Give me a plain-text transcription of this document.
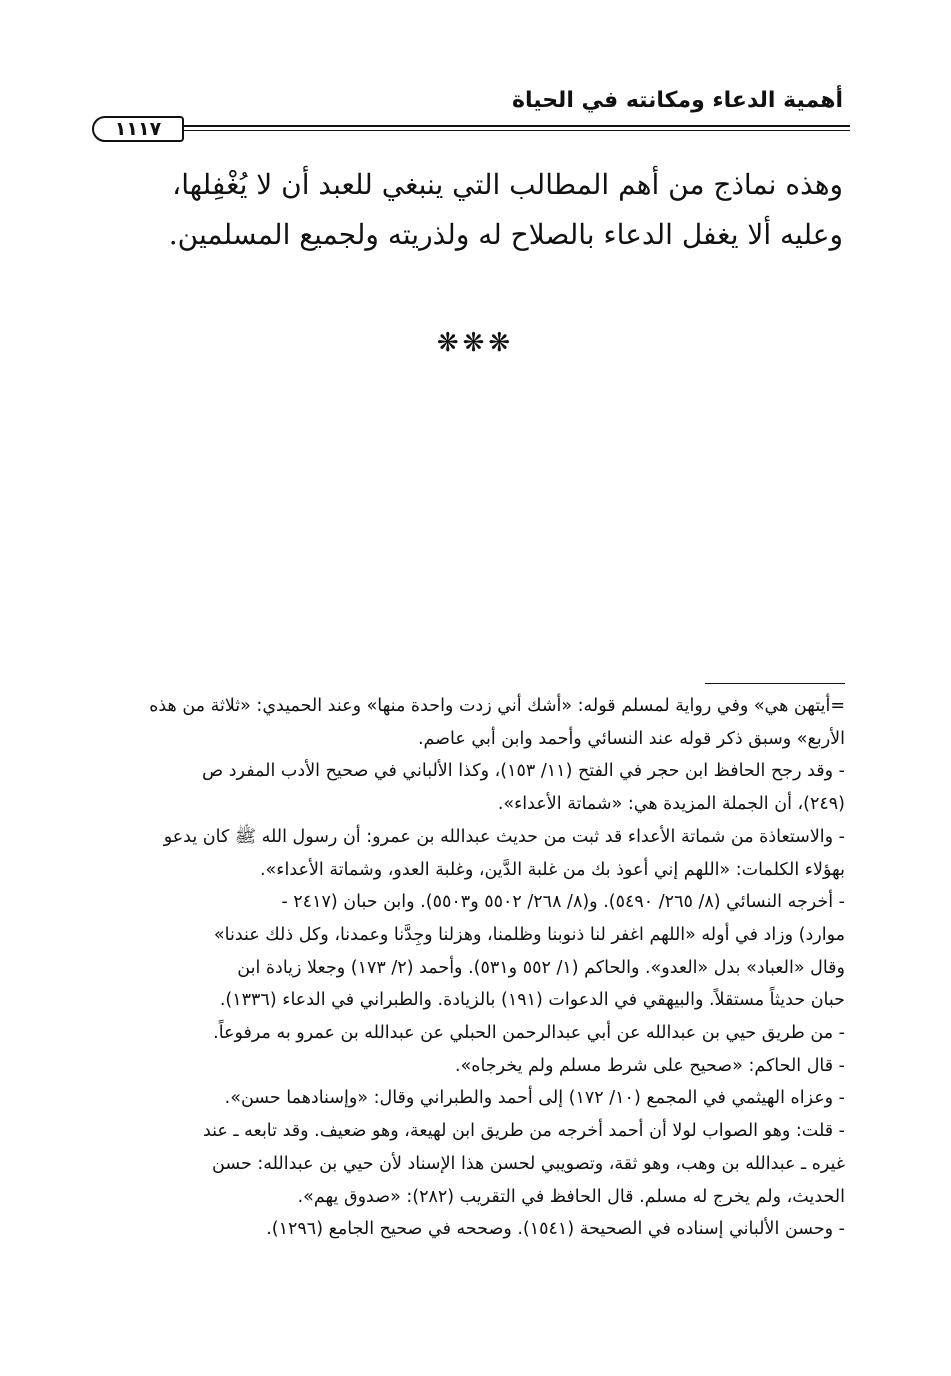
أهمية الدعاء ومكانته في الحياة
١١١٧
وهذه نماذج من أهم المطالب التي ينبغي للعبد أن لا يُغْفِلها،
وعليه ألا يغفل الدعاء بالصلاح له ولذريته ولجميع المسلمين.
❋❋❋
=أيتهن هي» وفي رواية لمسلم قوله: «أشك أني زدت واحدة منها» وعند الحميدي: «ثلاثة من هذه
الأربع» وسبق ذكر قوله عند النسائي وأحمد وابن أبي عاصم.
- وقد رجح الحافظ ابن حجر في الفتح (١١/ ١٥٣)، وكذا الألباني في صحيح الأدب المفرد ص
(٢٤٩)، أن الجملة المزيدة هي: «شماتة الأعداء».
- والاستعاذة من شماتة الأعداء قد ثبت من حديث عبدالله بن عمرو: أن رسول الله ﷺ كان يدعو
بهؤلاء الكلمات: «اللهم إني أعوذ بك من غلبة الدَّين، وغلبة العدو، وشماتة الأعداء».
- أخرجه النسائي (٨/ ٢٦٥/ ٥٤٩٠). و(٨/ ٢٦٨/ ٥٥٠٢ و٥٥٠٣). وابن حبان (٢٤١٧ -
موارد) وزاد في أوله «اللهم اغفر لنا ذنوبنا وظلمنا، وهزلنا وجِدَّنا وعمدنا، وكل ذلك عندنا»
وقال «العباد» بدل «العدو». والحاكم (١/ ٥٥٢ و٥٣١). وأحمد (٢/ ١٧٣) وجعلا زيادة ابن
حبان حديثاً مستقلاً. والبيهقي في الدعوات (١٩١) بالزيادة. والطبراني في الدعاء (١٣٣٦).
- من طريق حيي بن عبدالله عن أبي عبدالرحمن الحبلي عن عبدالله بن عمرو به مرفوعاً.
- قال الحاكم: «صحيح على شرط مسلم ولم يخرجاه».
- وعزاه الهيثمي في المجمع (١٠/ ١٧٢) إلى أحمد والطبراني وقال: «وإسنادهما حسن».
- قلت: وهو الصواب لولا أن أحمد أخرجه من طريق ابن لهيعة، وهو ضعيف. وقد تابعه ـ عند
غيره ـ عبدالله بن وهب، وهو ثقة، وتصويبي لحسن هذا الإسناد لأن حيي بن عبدالله: حسن
الحديث، ولم يخرج له مسلم. قال الحافظ في التقريب (٢٨٢): «صدوق يهم».
- وحسن الألباني إسناده في الصحيحة (١٥٤١). وصححه في صحيح الجامع (١٢٩٦).
